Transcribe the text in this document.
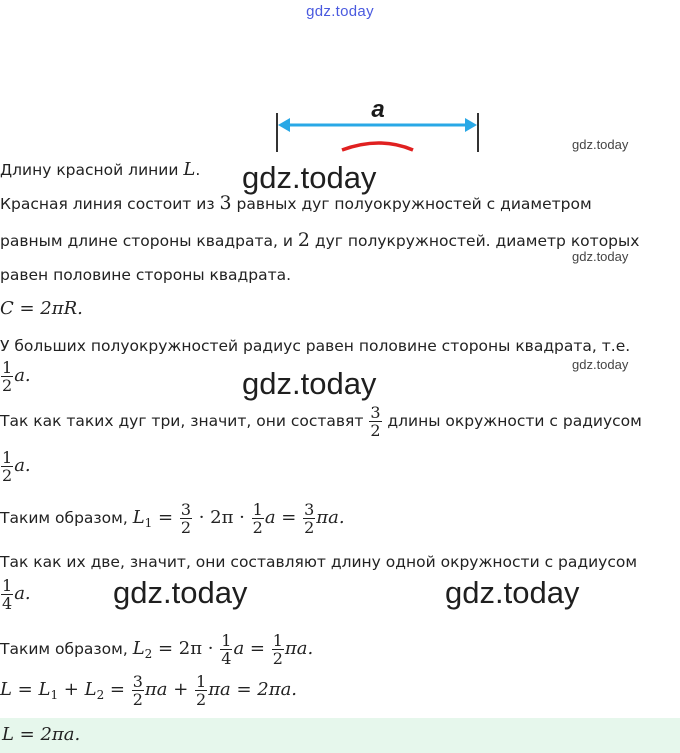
gdz.today
a
gdz.today
gdz.today
gdz.today
gdz.today
gdz.today
gdz.today	gdz.today
Длину красной линии L.
Красная линия состоит из 3 равных дуг полуокружностей с диаметром
равным длине стороны квадрата, и 2 дуг полукружностей. диаметр которых
равен половине стороны квадрата.
C = 2πR.
У больших полуокружностей радиус равен половине стороны квадрата, т.е.
$\frac{1}{2} a$.
Так как таких дуг три, значит, они составят $\frac{3}{2}$ длины окружности с радиусом
$\frac{1}{2} a$.
Таким образом, $L_1 = \frac{3}{2} \cdot 2\pi \cdot \frac{1}{2}$ $a = \frac{3}{2} \pi a$.
Так как их две, значит, они составляют длину одной окружности с радиусом
$\frac{1}{4} a$.
Таким образом, $L_2 = 2\pi \cdot \frac{1}{4}$ $a = \frac{1}{2} \pi a$.
$L = L_1 + L_2 = \frac{3}{2}$ $\pi a + \frac{1}{2}$ πa = 2πa.
L = 2πa.
